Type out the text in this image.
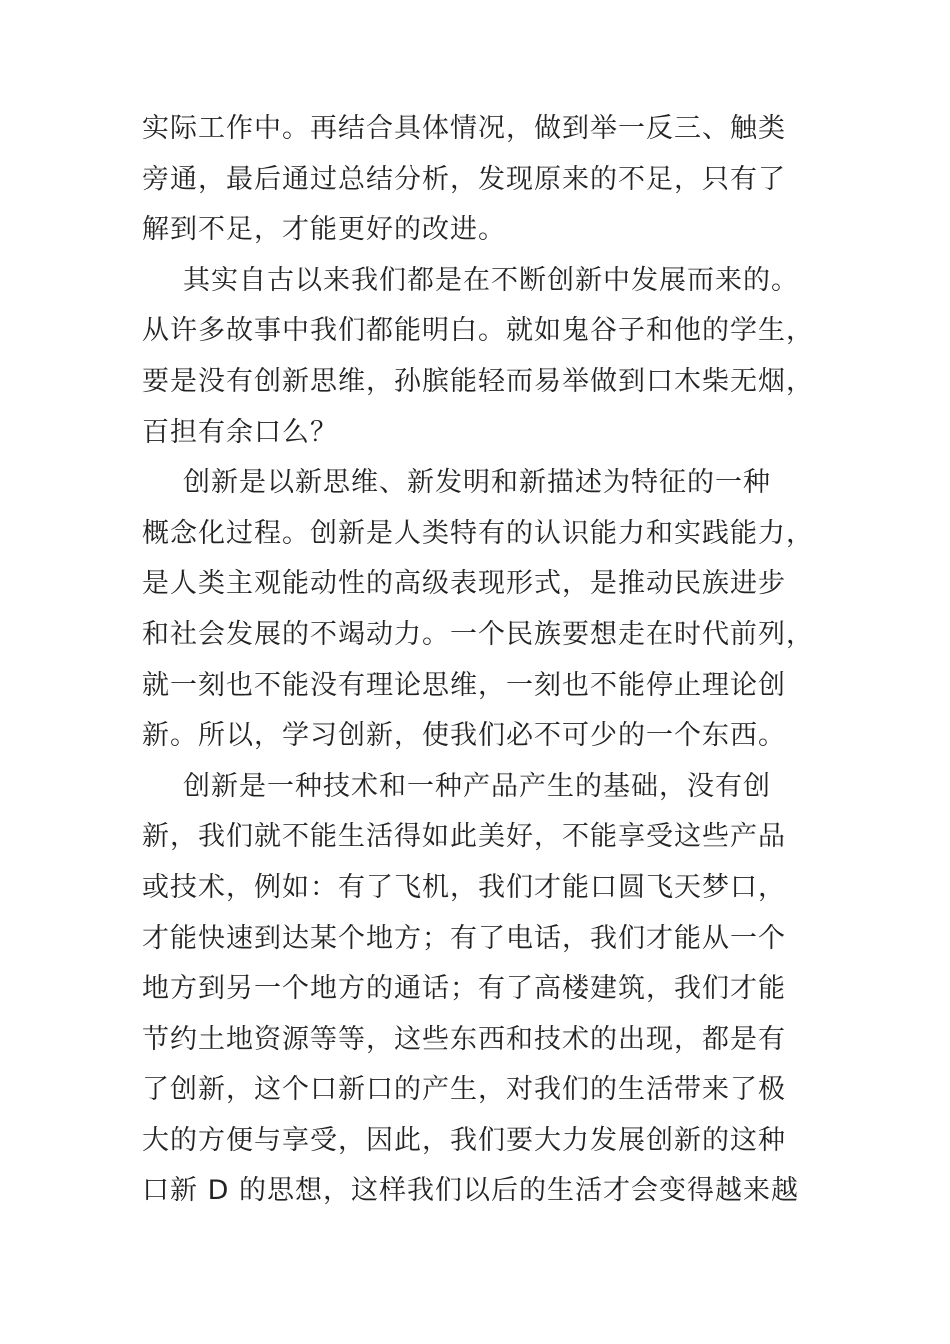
实际工作中。再结合具体情况，做到举一反三、触类
旁通，最后通过总结分析，发现原来的不足，只有了
解到不足，才能更好的改进。

其实自古以来我们都是在不断创新中发展而来的。
从许多故事中我们都能明白。就如鬼谷子和他的学生，
要是没有创新思维，孙膑能轻而易举做到口木柴无烟，
百担有余口么？

创新是以新思维、新发明和新描述为特征的一种
概念化过程。创新是人类特有的认识能力和实践能力，
是人类主观能动性的高级表现形式，是推动民族进步
和社会发展的不竭动力。一个民族要想走在时代前列，
就一刻也不能没有理论思维，一刻也不能停止理论创
新。所以，学习创新，使我们必不可少的一个东西。

创新是一种技术和一种产品产生的基础，没有创
新，我们就不能生活得如此美好，不能享受这些产品
或技术，例如：有了飞机，我们才能口圆飞天梦口，
才能快速到达某个地方；有了电话，我们才能从一个
地方到另一个地方的通话；有了高楼建筑，我们才能
节约土地资源等等，这些东西和技术的出现，都是有
了创新，这个口新口的产生，对我们的生活带来了极
大的方便与享受，因此，我们要大力发展创新的这种
口新 D 的思想，这样我们以后的生活才会变得越来越
